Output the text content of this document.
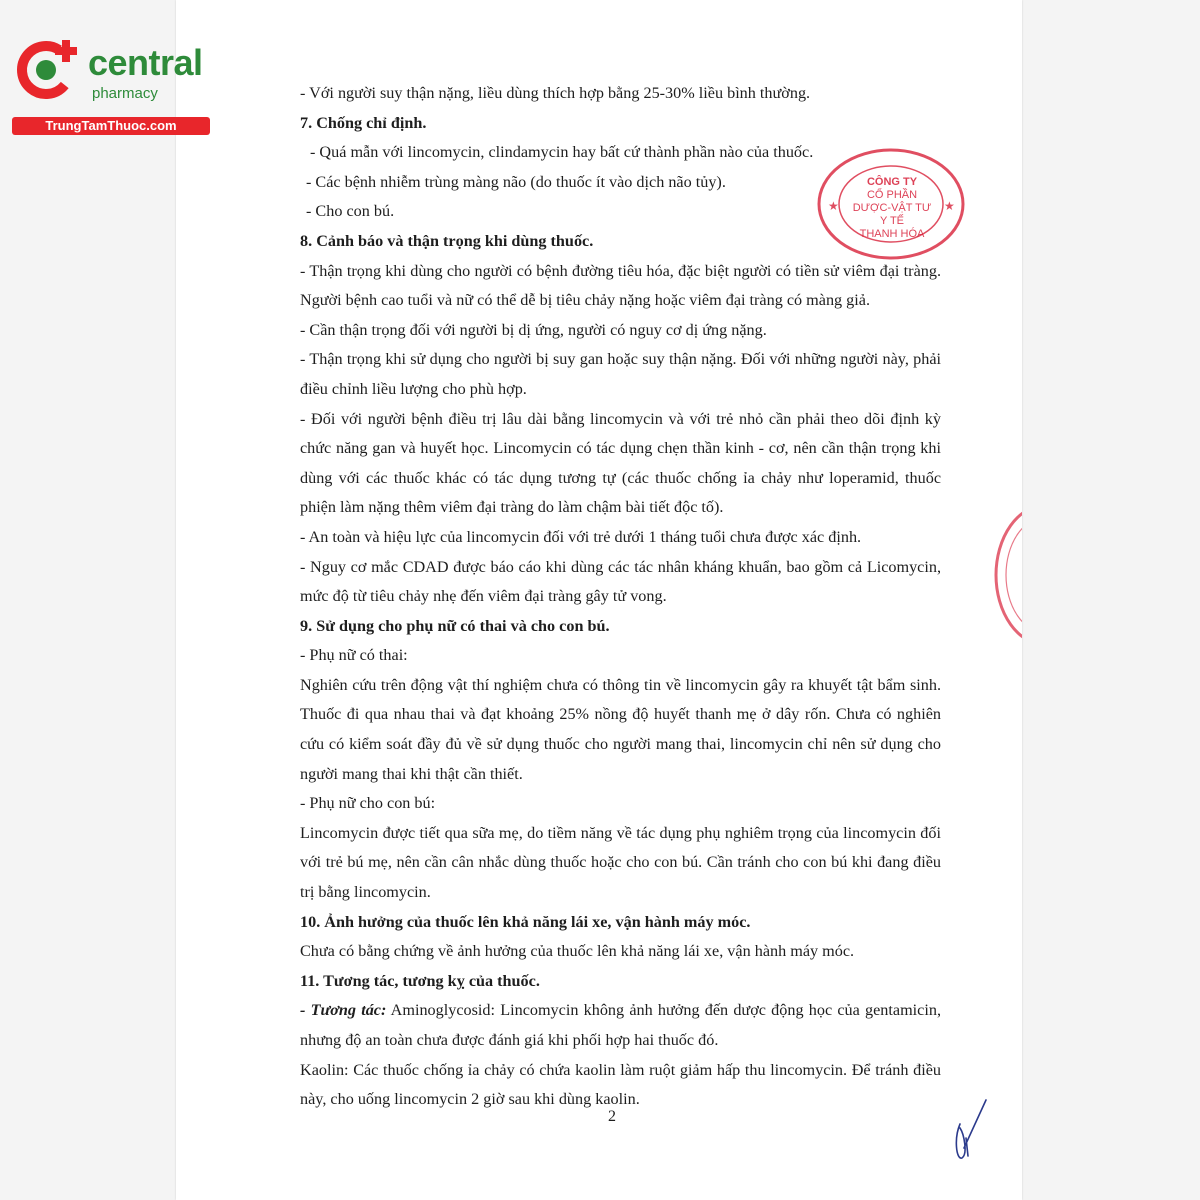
central
pharmacy
TrungTamThuoc.com
★	★
CÔNG TY
CỔ PHẦN
DƯỢC-VẬT TƯ
Y TẾ
THANH HÓA

- Với người suy thận nặng, liều dùng thích hợp bằng 25-30% liều bình thường.

7. Chống chỉ định.

- Quá mẫn với lincomycin, clindamycin hay bất cứ thành phần nào của thuốc.

- Các bệnh nhiễm trùng màng não (do thuốc ít vào dịch não tủy).

- Cho con bú.

8. Cảnh báo và thận trọng khi dùng thuốc.

- Thận trọng khi dùng cho người có bệnh đường tiêu hóa, đặc biệt người có tiền sử viêm đại tràng. Người bệnh cao tuổi và nữ có thể dễ bị tiêu chảy nặng hoặc viêm đại tràng có màng giả.

- Cần thận trọng đối với người bị dị ứng, người có nguy cơ dị ứng nặng.

- Thận trọng khi sử dụng cho người bị suy gan hoặc suy thận nặng. Đối với những người này, phải điều chỉnh liều lượng cho phù hợp.

- Đối với người bệnh điều trị lâu dài bằng lincomycin và với trẻ nhỏ cần phải theo dõi định kỳ chức năng gan và huyết học. Lincomycin có tác dụng chẹn thần kinh - cơ, nên cần thận trọng khi dùng với các thuốc khác có tác dụng tương tự (các thuốc chống ỉa chảy như loperamid, thuốc phiện làm nặng thêm viêm đại tràng do làm chậm bài tiết độc tố).

- An toàn và hiệu lực của lincomycin đối với trẻ dưới 1 tháng tuổi chưa được xác định.

- Nguy cơ mắc CDAD được báo cáo khi dùng các tác nhân kháng khuẩn, bao gồm cả Licomycin, mức độ từ tiêu chảy nhẹ đến viêm đại tràng gây tử vong.

9. Sử dụng cho phụ nữ có thai và cho con bú.

- Phụ nữ có thai:

Nghiên cứu trên động vật thí nghiệm chưa có thông tin về lincomycin gây ra khuyết tật bẩm sinh. Thuốc đi qua nhau thai và đạt khoảng 25% nồng độ huyết thanh mẹ ở dây rốn. Chưa có nghiên cứu có kiểm soát đầy đủ về sử dụng thuốc cho người mang thai, lincomycin chỉ nên sử dụng cho người mang thai khi thật cần thiết.

- Phụ nữ cho con bú:

Lincomycin được tiết qua sữa mẹ, do tiềm năng về tác dụng phụ nghiêm trọng của lincomycin đối với trẻ bú mẹ, nên cần cân nhắc dùng thuốc hoặc cho con bú. Cần tránh cho con bú khi đang điều trị bằng lincomycin.

10. Ảnh hưởng của thuốc lên khả năng lái xe, vận hành máy móc.

Chưa có bằng chứng về ảnh hưởng của thuốc lên khả năng lái xe, vận hành máy móc.

11. Tương tác, tương kỵ của thuốc.

- Tương tác: Aminoglycosid: Lincomycin không ảnh hưởng đến dược động học của gentamicin, nhưng độ an toàn chưa được đánh giá khi phối hợp hai thuốc đó.

Kaolin: Các thuốc chống ỉa chảy có chứa kaolin làm ruột giảm hấp thu lincomycin. Để tránh điều này, cho uống lincomycin 2 giờ sau khi dùng kaolin.

2
